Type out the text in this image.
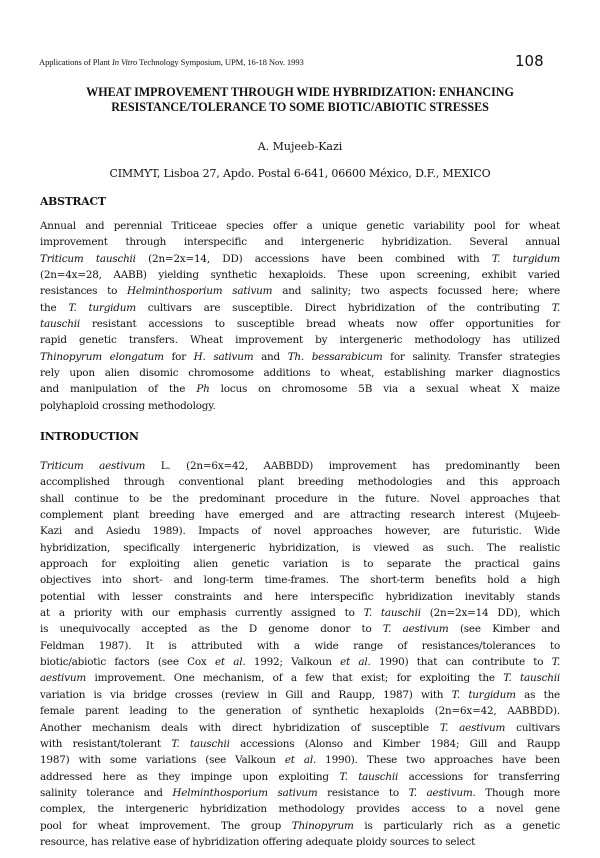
Applications of Plant In Vitro Technology Symposium, UPM, 16-18 Nov. 1993	108
WHEAT IMPROVEMENT THROUGH WIDE HYBRIDIZATION: ENHANCING
RESISTANCE/TOLERANCE TO SOME BIOTIC/ABIOTIC STRESSES
A. Mujeeb-Kazi
CIMMYT, Lisboa 27, Apdo. Postal 6-641, 06600 México, D.F., MEXICO
ABSTRACT
Annual and perennial Triticeae species offer a unique genetic variability pool for wheat
improvement through interspecific and intergeneric hybridization. Several annual
Triticum tauschii (2n=2x=14, DD) accessions have been combined with T. turgidum
(2n=4x=28, AABB) yielding synthetic hexaploids. These upon screening, exhibit varied
resistances to Helminthosporium sativum and salinity; two aspects focussed here; where
the T. turgidum cultivars are susceptible. Direct hybridization of the contributing T.
tauschii resistant accessions to susceptible bread wheats now offer opportunities for
rapid genetic transfers. Wheat improvement by intergeneric methodology has utilized
Thinopyrum elongatum for H. sativum and Th. bessarabicum for salinity. Transfer strategies
rely upon alien disomic chromosome additions to wheat, establishing marker diagnostics
and manipulation of the Ph locus on chromosome 5B via a sexual wheat X maize
polyhaploid crossing methodology.
INTRODUCTION
Triticum aestivum L. (2n=6x=42, AABBDD) improvement has predominantly been
accomplished through conventional plant breeding methodologies and this approach
shall continue to be the predominant procedure in the future. Novel approaches that
complement plant breeding have emerged and are attracting research interest (Mujeeb-
Kazi and Asiedu 1989). Impacts of novel approaches however, are futuristic. Wide
hybridization, specifically intergeneric hybridization, is viewed as such. The realistic
approach for exploiting alien genetic variation is to separate the practical gains
objectives into short- and long-term time-frames. The short-term benefits hold a high
potential with lesser constraints and here interspecific hybridization inevitably stands
at a priority with our emphasis currently assigned to T. tauschii (2n=2x=14 DD), which
is unequivocally accepted as the D genome donor to T. aestivum (see Kimber and
Feldman 1987). It is attributed with a wide range of resistances/tolerances to
biotic/abiotic factors (see Cox et al. 1992; Valkoun et al. 1990) that can contribute to T.
aestivum improvement. One mechanism, of a few that exist; for exploiting the T. tauschii
variation is via bridge crosses (review in Gill and Raupp, 1987) with T. turgidum as the
female parent leading to the generation of synthetic hexaploids (2n=6x=42, AABBDD).
Another mechanism deals with direct hybridization of susceptible T. aestivum cultivars
with resistant/tolerant T. tauschii accessions (Alonso and Kimber 1984; Gill and Raupp
1987) with some variations (see Valkoun et al. 1990). These two approaches have been
addressed here as they impinge upon exploiting T. tauschii accessions for transferring
salinity tolerance and Helminthosporium sativum resistance to T. aestivum. Though more
complex, the intergeneric hybridization methodology provides access to a novel gene
pool for wheat improvement. The group Thinopyrum is particularly rich as a genetic
resource, has relative ease of hybridization offering adequate ploidy sources to select
